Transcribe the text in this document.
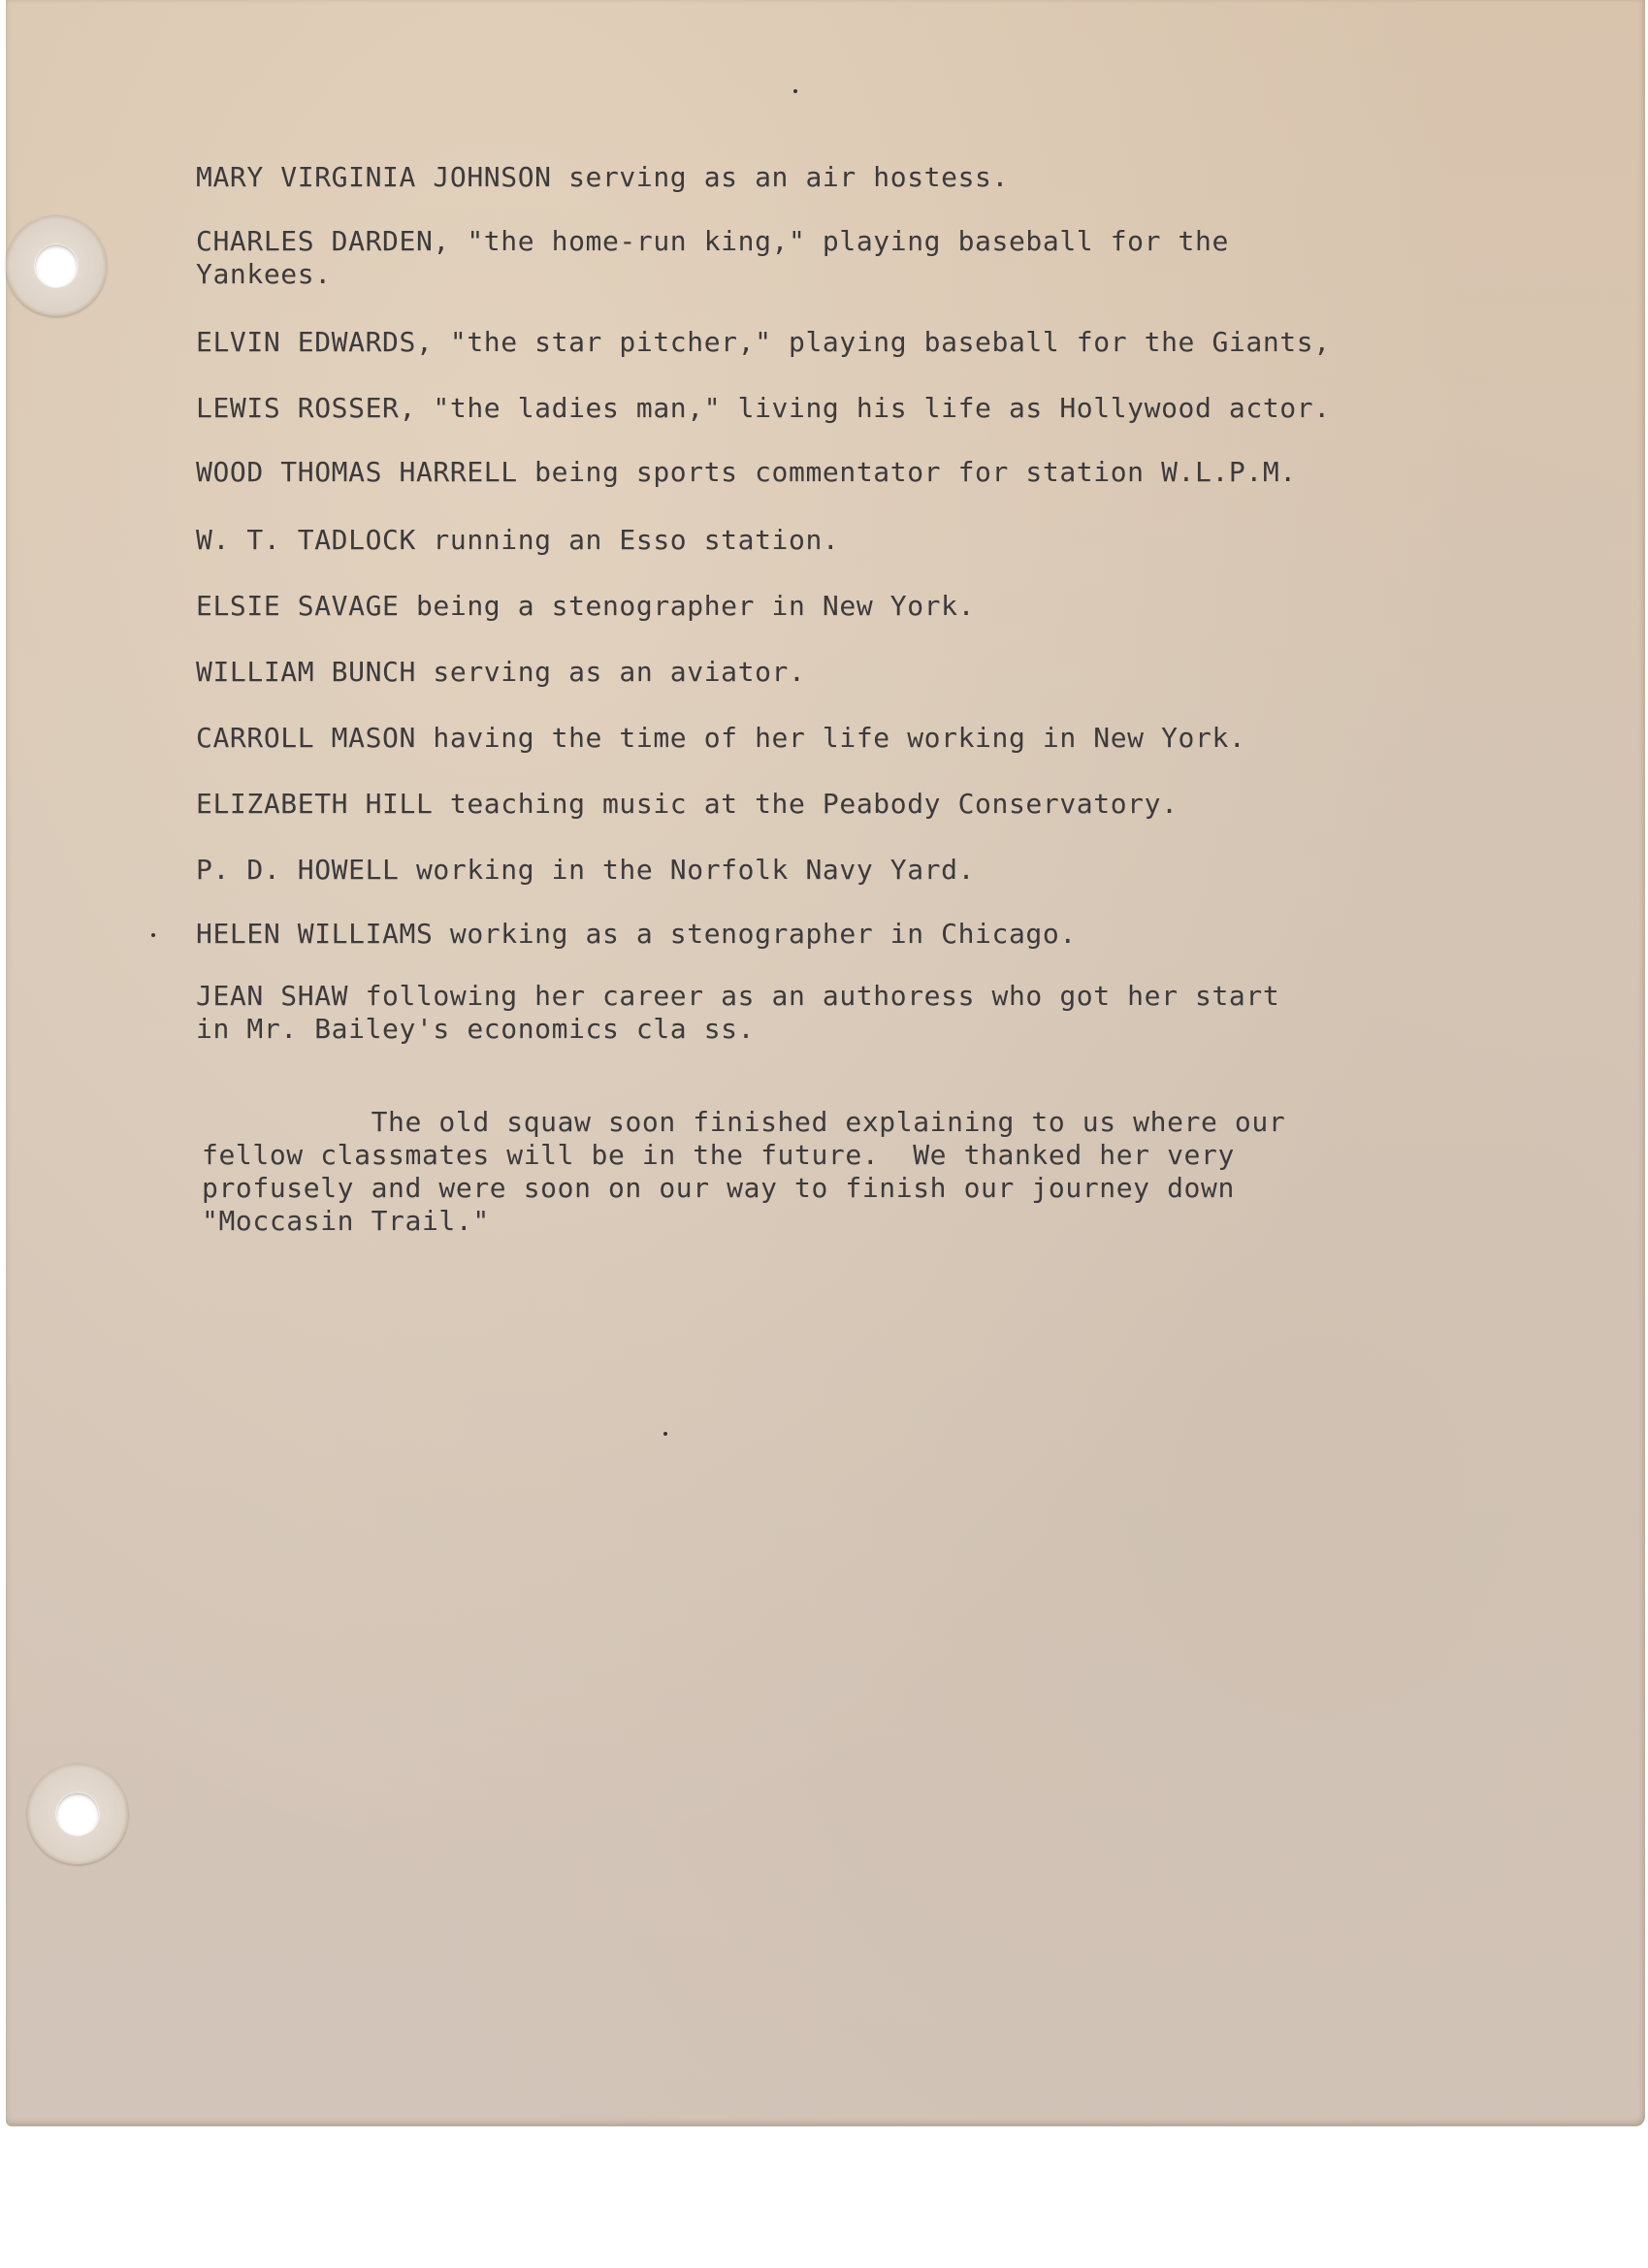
MARY VIRGINIA JOHNSON serving as an air hostess.

CHARLES DARDEN, "the home-run king," playing baseball for the
Yankees.

ELVIN EDWARDS, "the star pitcher," playing baseball for the Giants,

LEWIS ROSSER, "the ladies man," living his life as Hollywood actor.

WOOD THOMAS HARRELL being sports commentator for station W.L.P.M.

W. T. TADLOCK running an Esso station.

ELSIE SAVAGE being a stenographer in New York.

WILLIAM BUNCH serving as an aviator.

CARROLL MASON having the time of her life working in New York.

ELIZABETH HILL teaching music at the Peabody Conservatory.

P. D. HOWELL working in the Norfolk Navy Yard.

HELEN WILLIAMS working as a stenographer in Chicago.

JEAN SHAW following her career as an authoress who got her start
in Mr. Bailey's economics cla ss.

The old squaw soon finished explaining to us where our
fellow classmates will be in the future.  We thanked her very
profusely and were soon on our way to finish our journey down
"Moccasin Trail."
